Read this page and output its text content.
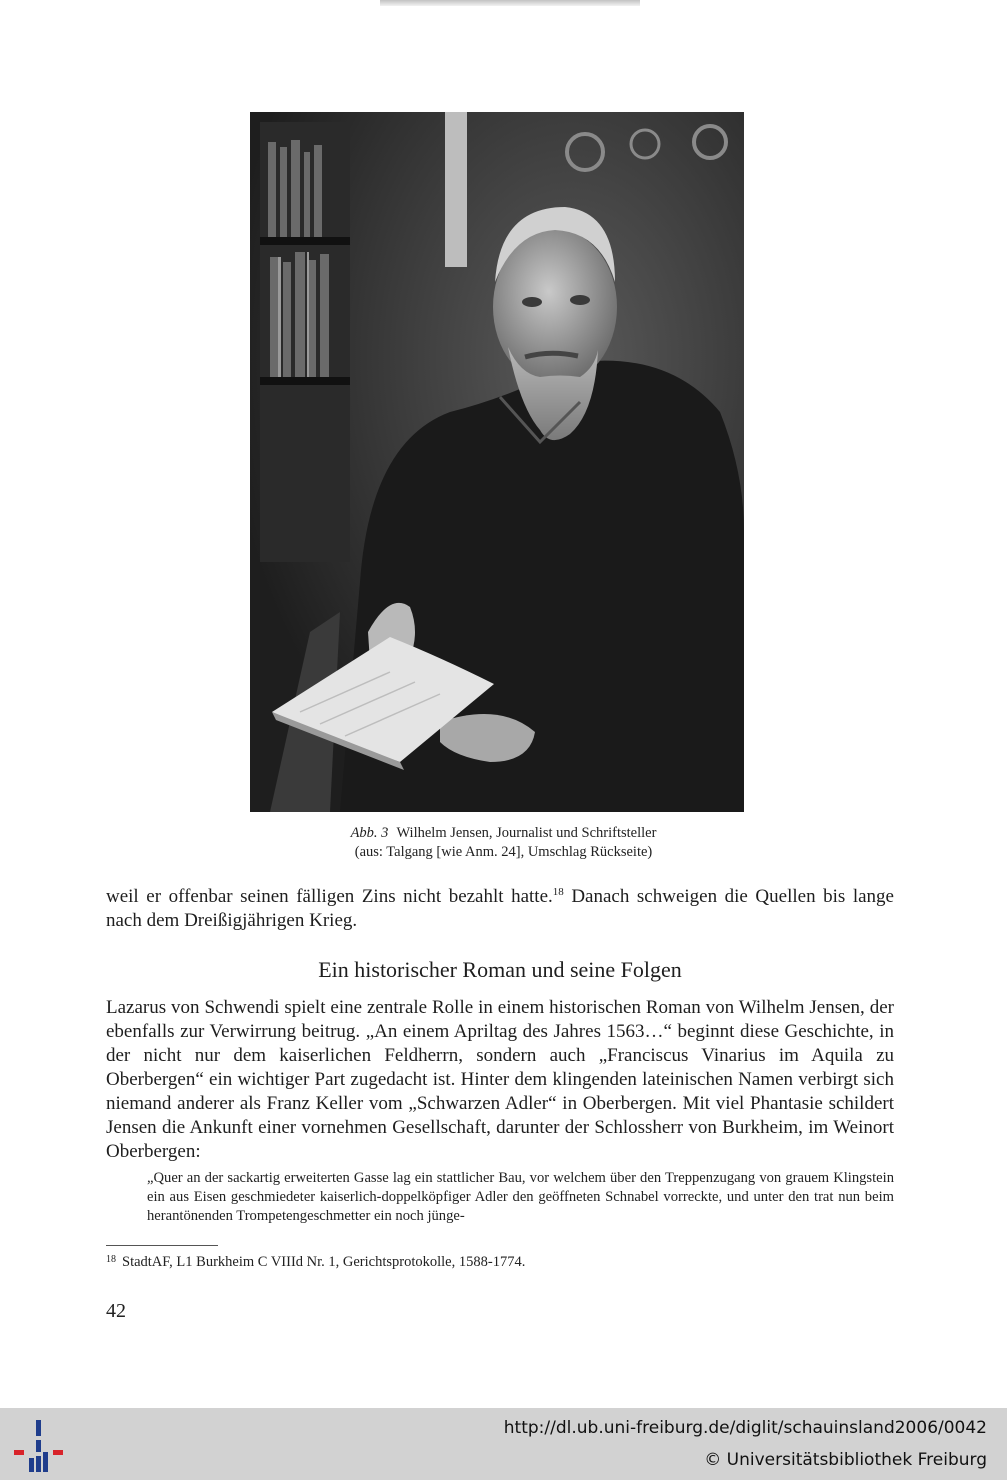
Abb. 3 Wilhelm Jensen, Journalist und Schriftsteller
(aus: Talgang [wie Anm. 24], Umschlag Rückseite)
weil er offenbar seinen fälligen Zins nicht bezahlt hatte.$^{18}$ Danach schweigen die Quellen bis lange nach dem Dreißigjährigen Krieg.
Ein historischer Roman und seine Folgen
Lazarus von Schwendi spielt eine zentrale Rolle in einem historischen Roman von Wilhelm Jensen, der ebenfalls zur Verwirrung beitrug. „An einem Apriltag des Jahres 1563…“ beginnt diese Geschichte, in der nicht nur dem kaiserlichen Feldherrn, sondern auch „Franciscus Vinarius im Aquila zu Oberbergen“ ein wichtiger Part zugedacht ist. Hinter dem klingenden lateinischen Namen verbirgt sich niemand anderer als Franz Keller vom „Schwarzen Adler“ in Oberbergen. Mit viel Phantasie schildert Jensen die Ankunft einer vornehmen Gesellschaft, darunter der Schlossherr von Burkheim, im Weinort Oberbergen:
„Quer an der sackartig erweiterten Gasse lag ein stattlicher Bau, vor welchem über den Treppenzugang von grauem Klingstein ein aus Eisen geschmiedeter kaiserlich-doppelköpfiger Adler den geöffneten Schnabel vorreckte, und unter den trat nun beim herantönenden Trompetengeschmetter ein noch jünge-
$^{18}$ StadtAF, L1 Burkheim C VIIId Nr. 1, Gerichtsprotokolle, 1588-1774.
42
http://dl.ub.uni-freiburg.de/diglit/schauinsland2006/0042
© Universitätsbibliothek Freiburg
